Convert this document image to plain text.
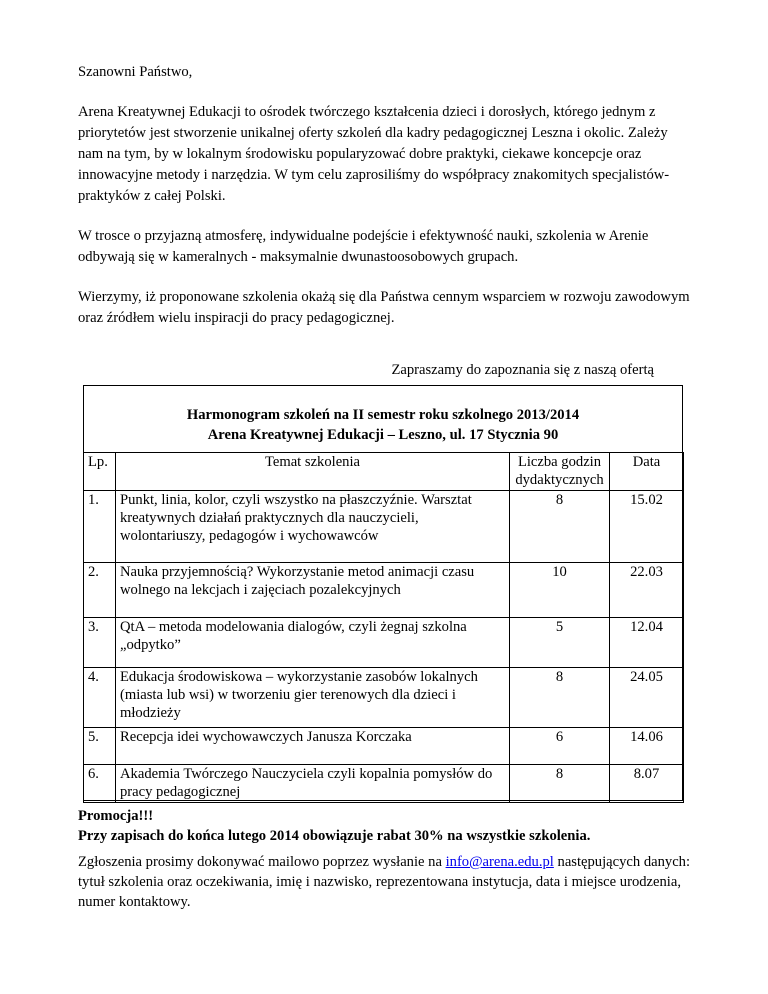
Szanowni Państwo,

Arena Kreatywnej Edukacji to ośrodek twórczego kształcenia dzieci i dorosłych, którego jednym z priorytetów jest stworzenie unikalnej oferty szkoleń dla kadry pedagogicznej Leszna i okolic. Zależy nam na tym, by w lokalnym środowisku popularyzować dobre praktyki, ciekawe koncepcje oraz innowacyjne metody i narzędzia. W tym celu zaprosiliśmy do współpracy znakomitych specjalistów-praktyków z całej Polski.

W trosce o przyjazną atmosferę, indywidualne podejście i efektywność nauki, szkolenia w Arenie odbywają się w kameralnych - maksymalnie dwunastoosobowych grupach.

Wierzymy, iż proponowane szkolenia okażą się dla Państwa cennym wsparciem w rozwoju zawodowym oraz źródłem wielu inspiracji do pracy pedagogicznej.

Zapraszamy do zapoznania się z naszą ofertą

Harmonogram szkoleń na II semestr roku szkolnego 2013/2014
Arena Kreatywnej Edukacji – Leszno, ul. 17 Stycznia 90
Lp.	Temat szkolenia	Liczba godzin dydaktycznych	Data
1.	Punkt, linia, kolor, czyli wszystko na płaszczyźnie. Warsztat kreatywnych działań praktycznych dla nauczycieli, wolontariuszy, pedagogów i wychowawców	8	15.02
2.	Nauka przyjemnością? Wykorzystanie metod animacji czasu wolnego na lekcjach i zajęciach pozalekcyjnych	10	22.03
3.	QtA – metoda modelowania dialogów, czyli żegnaj szkolna „odpytko”	5	12.04
4.	Edukacja środowiskowa – wykorzystanie zasobów lokalnych (miasta lub wsi) w tworzeniu gier terenowych dla dzieci i młodzieży	8	24.05
5.	Recepcja idei wychowawczych Janusza Korczaka	6	14.06
6.	Akademia Twórczego Nauczyciela czyli kopalnia pomysłów do pracy pedagogicznej	8	8.07
Promocja!!!
Przy zapisach do końca lutego 2014 obowiązuje rabat 30% na wszystkie szkolenia.
Zgłoszenia prosimy dokonywać mailowo poprzez wysłanie na info@arena.edu.pl następujących danych: tytuł szkolenia oraz oczekiwania, imię i nazwisko, reprezentowana instytucja, data i miejsce urodzenia, numer kontaktowy.
